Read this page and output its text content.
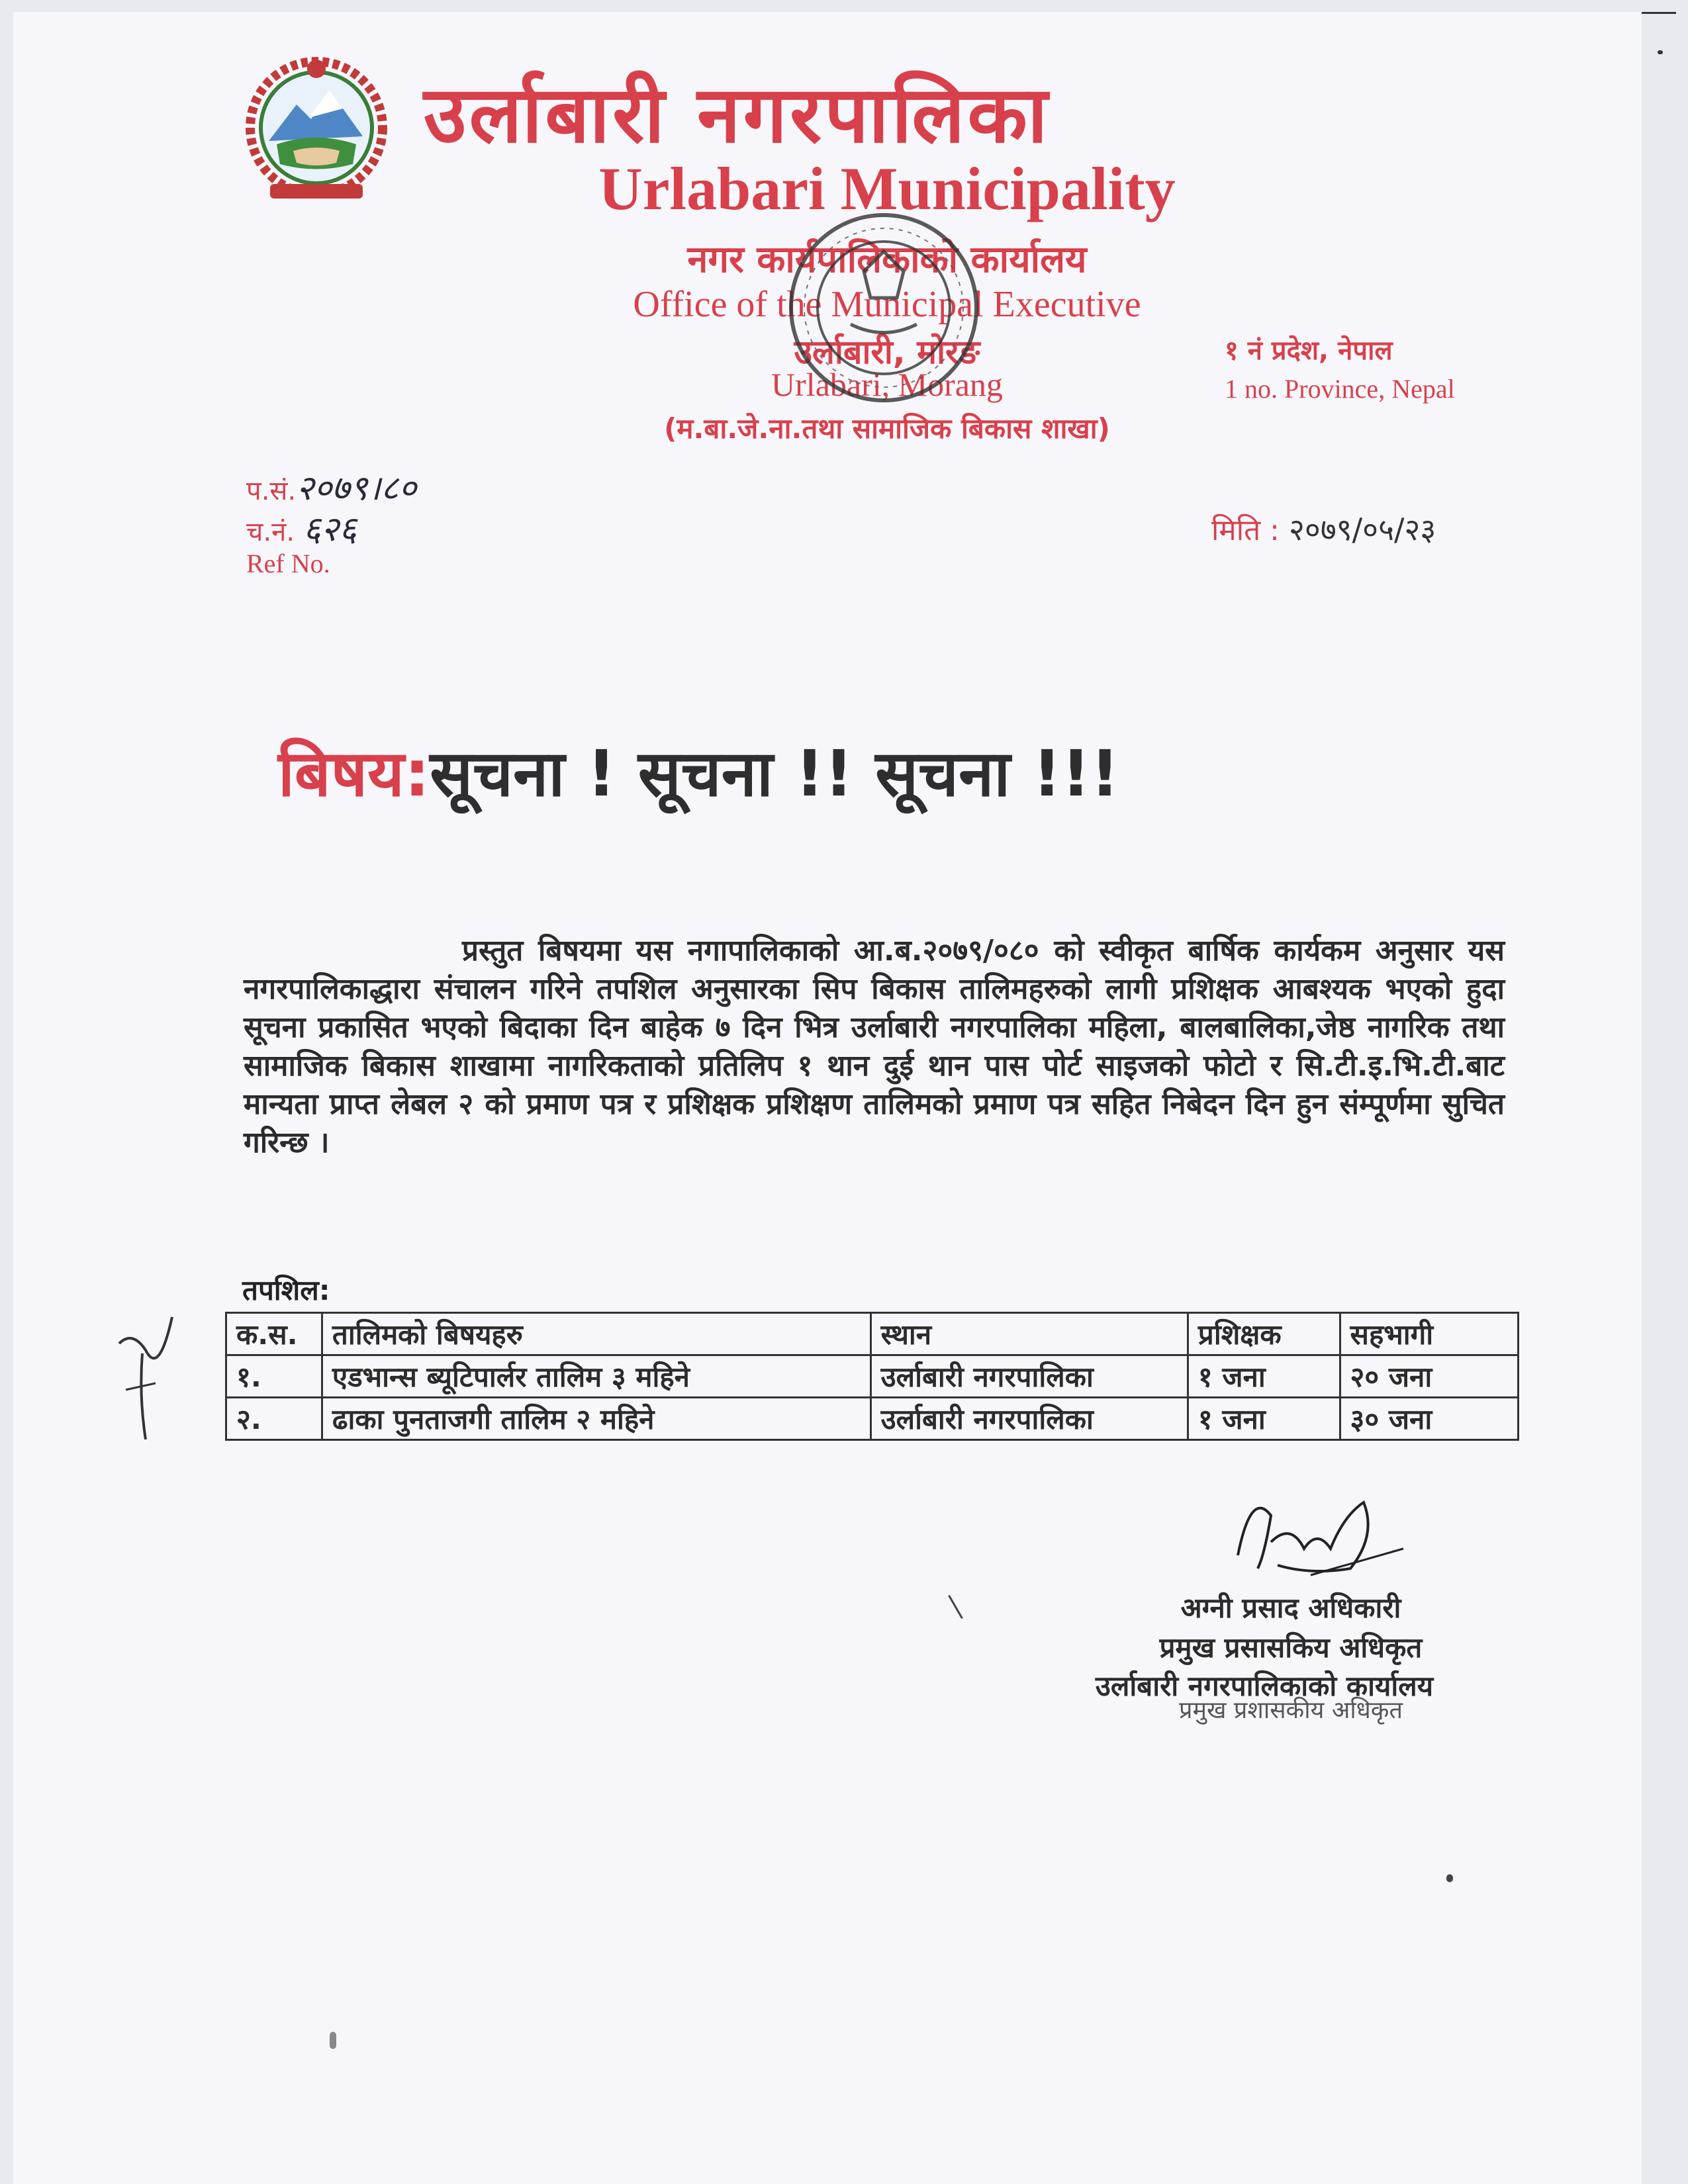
उर्लाबारी नगरपालिका
Urlabari Municipality
नगर कार्यपालिकाको कार्यालय
Office of the Municipal Executive
उर्लाबारी, मोरङ
Urlabari, Morang
(म.बा.जे.ना.तथा सामाजिक बिकास शाखा)
१ नं प्रदेश, नेपाल
1 no. Province, Nepal
प.सं.२०७९।८०
च.नं. ६२६
Ref No.
मिति : २०७९/०५/२३
बिषय:सूचना ! सूचना !! सूचना !!!
प्रस्तुत बिषयमा यस नगापालिकाको आ.ब.२०७९/०८० को स्वीकृत बार्षिक कार्यकम अनुसार यस नगरपालिकाद्धारा संचालन गरिने तपशिल अनुसारका सिप बिकास तालिमहरुको लागी प्रशिक्षक आबश्यक भएको हुदा सूचना प्रकासित भएको बिदाका दिन बाहेक ७ दिन भित्र उर्लाबारी नगरपालिका महिला, बालबालिका,जेष्ठ नागरिक तथा सामाजिक बिकास शाखामा नागरिकताको प्रतिलिप १ थान दुई थान पास पोर्ट साइजको फोटो र सि.टी.इ.भि.टी.बाट मान्यता प्राप्त लेबल २ को प्रमाण पत्र र प्रशिक्षक प्रशिक्षण तालिमको प्रमाण पत्र सहित निबेदन दिन हुन संम्पूर्णमा सुचित गरिन्छ ।
तपशिल:
क.स.	तालिमको बिषयहरु	स्थान	प्रशिक्षक	सहभागी
१.	एडभान्स ब्यूटिपार्लर तालिम ३ महिने	उर्लाबारी नगरपालिका	१ जना	२० जना
२.	ढाका पुनताजगी तालिम २ महिने	उर्लाबारी नगरपालिका	१ जना	३० जना
अग्नी प्रसाद अधिकारी
प्रमुख प्रसासकिय अधिकृत
उर्लाबारी नगरपालिकाको कार्यालय
प्रमुख प्रशासकीय अधिकृत
